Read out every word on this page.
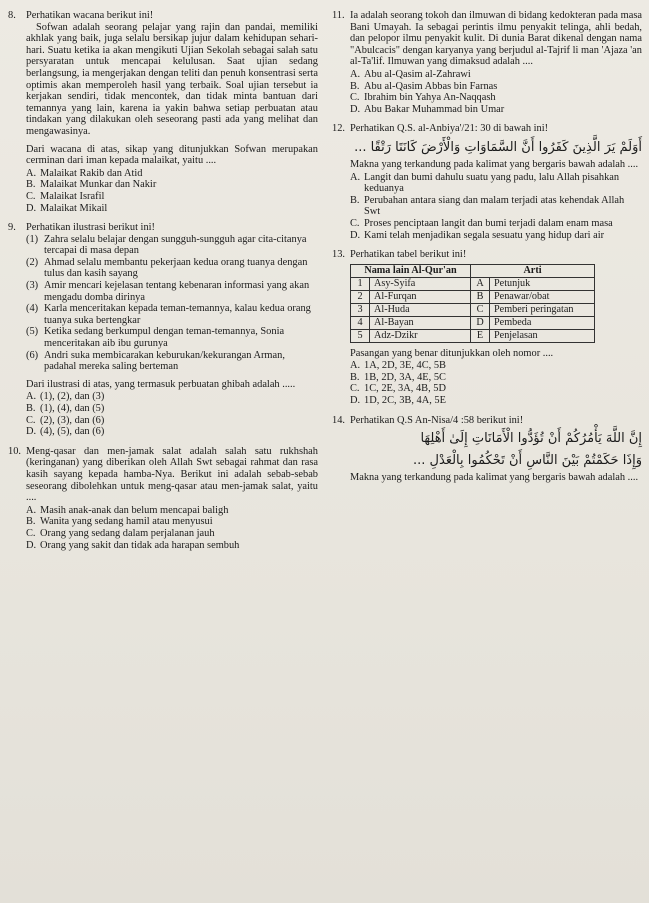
8. Perhatikan wacana berikut ini!

Sofwan adalah seorang pelajar yang rajin dan pandai, memiliki akhlak yang baik, juga selalu bersikap jujur dalam kehidupan sehari-hari. Suatu ketika ia akan mengikuti Ujian Sekolah sebagai salah satu persyaratan untuk mencapai kelulusan. Saat ujian sedang berlangsung, ia mengerjakan dengan teliti dan penuh konsentrasi serta optimis akan memperoleh hasil yang terbaik. Soal ujian tersebut ia kerjakan sendiri, tidak mencontek, dan tidak minta bantuan dari temannya yang lain, karena ia yakin bahwa setiap perbuatan atau tindakan yang dilakukan oleh seseorang pasti ada yang melihat dan mengawasinya.

Dari wacana di atas, sikap yang ditunjukkan Sofwan merupakan cerminan dari iman kepada malaikat, yaitu ....

A. Malaikat Rakib dan Atid
B. Malaikat Munkar dan Nakir
C. Malaikat Israfil
D. Malaikat Mikail
9. Perhatikan ilustrasi berikut ini!

(1) Zahra selalu belajar dengan sungguh-sungguh agar cita-citanya tercapai di masa depan
(2) Ahmad selalu membantu pekerjaan kedua orang tuanya dengan tulus dan kasih sayang
(3) Amir mencari kejelasan tentang kebenaran informasi yang akan mengadu domba dirinya
(4) Karla menceritakan kepada teman-temannya, kalau kedua orang tuanya suka bertengkar
(5) Ketika sedang berkumpul dengan teman-temannya, Sonia menceritakan aib ibu gurunya
(6) Andri suka membicarakan keburukan/kekurangan Arman, padahal mereka saling berteman
Dari ilustrasi di atas, yang termasuk perbuatan ghibah adalah .....
A. (1), (2), dan (3)
B. (1), (4), dan (5)
C. (2), (3), dan (6)
D. (4), (5), dan (6)
10. Meng-qasar dan men-jamak salat adalah salah satu rukhshah (keringanan) yang diberikan oleh Allah Swt sebagai rahmat dan rasa kasih sayang kepada hamba-Nya. Berikut ini adalah sebab-sebab seseorang dibolehkan untuk meng-qasar atau men-jamak salat, yaitu ....

A. Masih anak-anak dan belum mencapai baligh
B. Wanita yang sedang hamil atau menyusui
C. Orang yang sedang dalam perjalanan jauh
D. Orang yang sakit dan tidak ada harapan sembuh
11. Ia adalah seorang tokoh dan ilmuwan di bidang kedokteran pada masa Bani Umayah. Ia sebagai perintis ilmu penyakit telinga, ahli bedah, dan pelopor ilmu penyakit kulit. Di dunia Barat dikenal dengan nama "Abulcacis" dengan karyanya yang berjudul al-Tajrif li man 'Ajaza 'an al-Ta'lif. Ilmuwan yang dimaksud adalah ....

A. Abu al-Qasim al-Zahrawi
B. Abu al-Qasim Abbas bin Farnas
C. Ibrahim bin Yahya An-Naqqash
D. Abu Bakar Muhammad bin Umar
12. Perhatikan Q.S. al-Anbiya'/21: 30 di bawah ini!

أَوَلَمْ يَرَ الَّذِينَ كَفَرُوا أَنَّ السَّمَاوَاتِ وَالْأَرْضَ كَانَتَا رَتْقًا ...
Makna yang terkandung pada kalimat yang bergaris bawah adalah ....
A. Langit dan bumi dahulu suatu yang padu, lalu Allah pisahkan keduanya
B. Perubahan antara siang dan malam terjadi atas kehendak Allah Swt
C. Proses penciptaan langit dan bumi terjadi dalam enam masa
D. Kami telah menjadikan segala sesuatu yang hidup dari air
13. Perhatikan tabel berikut ini!

Nama lain Al-Qur'an		Arti	
1	Asy-Syifa	A	Petunjuk
2	Al-Furqan	B	Penawar/obat
3	Al-Huda	C	Pemberi peringatan
4	Al-Bayan	D	Pembeda
5	Adz-Dzikr	E	Penjelasan
Pasangan yang benar ditunjukkan oleh nomor ....
A. 1A, 2D, 3E, 4C, 5B
B. 1B, 2D, 3A, 4E, 5C
C. 1C, 2E, 3A, 4B, 5D
D. 1D, 2C, 3B, 4A, 5E
14. Perhatikan Q.S An-Nisa/4 :58 berikut ini!

إِنَّ اللَّهَ يَأْمُرُكُمْ أَنْ تُؤَدُّوا الْأَمَانَاتِ إِلَىٰ أَهْلِهَا
وَإِذَا حَكَمْتُمْ بَيْنَ النَّاسِ أَنْ تَحْكُمُوا بِالْعَدْلِ ...
Makna yang terkandung pada kalimat yang bergaris bawah adalah ....
